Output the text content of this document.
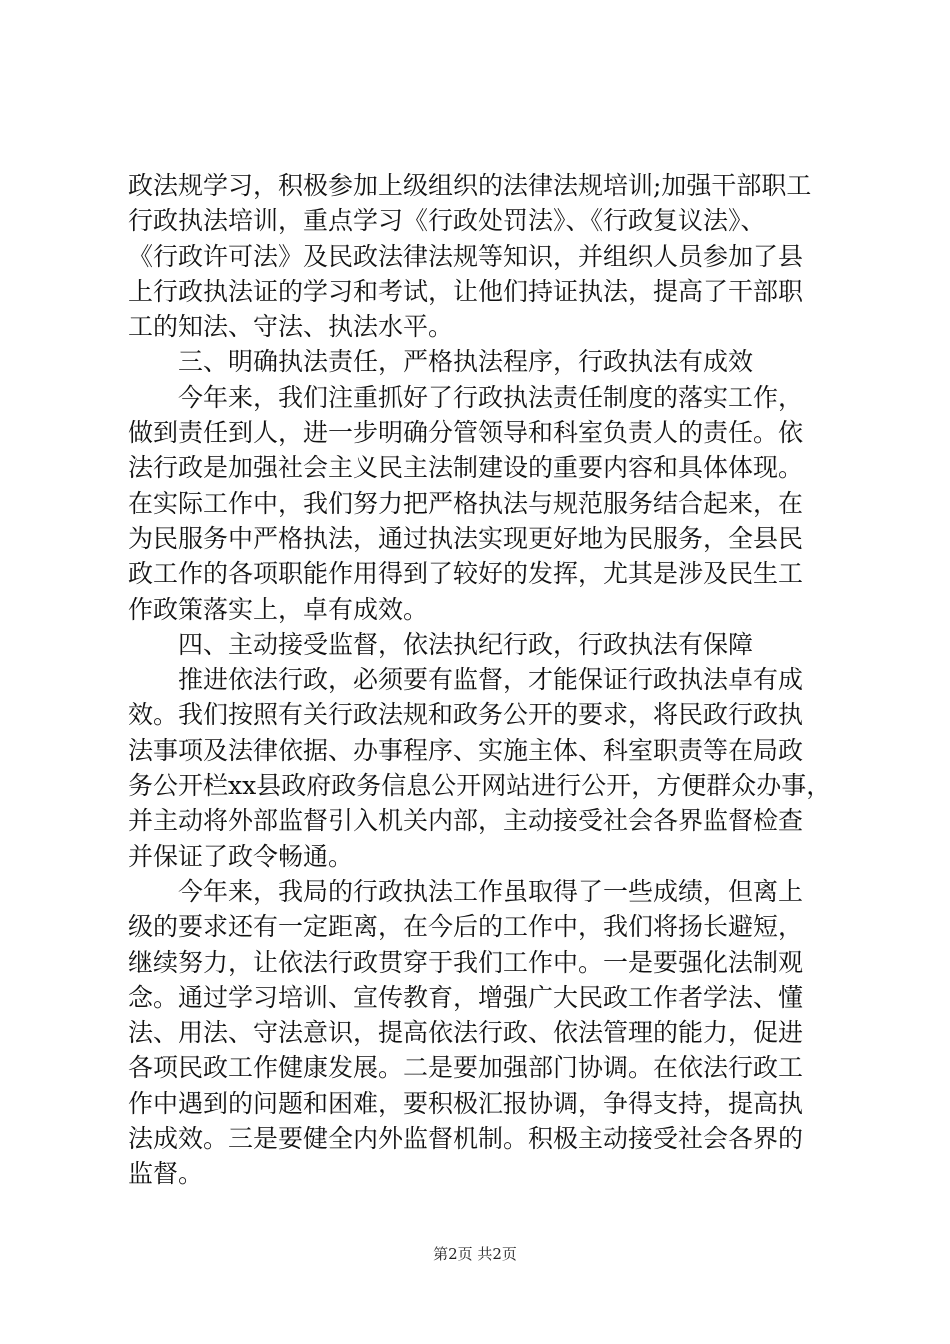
政法规学习，积极参加上级组织的法律法规培训;加强干部职工
行政执法培训，重点学习《行政处罚法》、《行政复议法》、
《行政许可法》及民政法律法规等知识，并组织人员参加了县
上行政执法证的学习和考试，让他们持证执法，提高了干部职
工的知法、守法、执法水平。
三、明确执法责任，严格执法程序，行政执法有成效
今年来，我们注重抓好了行政执法责任制度的落实工作，
做到责任到人，进一步明确分管领导和科室负责人的责任。依
法行政是加强社会主义民主法制建设的重要内容和具体体现。
在实际工作中，我们努力把严格执法与规范服务结合起来，在
为民服务中严格执法，通过执法实现更好地为民服务，全县民
政工作的各项职能作用得到了较好的发挥，尤其是涉及民生工
作政策落实上，卓有成效。
四、主动接受监督，依法执纪行政，行政执法有保障
推进依法行政，必须要有监督，才能保证行政执法卓有成
效。我们按照有关行政法规和政务公开的要求，将民政行政执
法事项及法律依据、办事程序、实施主体、科室职责等在局政
务公开栏xx县政府政务信息公开网站进行公开，方便群众办事，
并主动将外部监督引入机关内部，主动接受社会各界监督检查
并保证了政令畅通。
今年来，我局的行政执法工作虽取得了一些成绩，但离上
级的要求还有一定距离，在今后的工作中，我们将扬长避短，
继续努力，让依法行政贯穿于我们工作中。一是要强化法制观
念。通过学习培训、宣传教育，增强广大民政工作者学法、懂
法、用法、守法意识，提高依法行政、依法管理的能力，促进
各项民政工作健康发展。二是要加强部门协调。在依法行政工
作中遇到的问题和困难，要积极汇报协调，争得支持，提高执
法成效。三是要健全内外监督机制。积极主动接受社会各界的
监督。
第2页 共2页
